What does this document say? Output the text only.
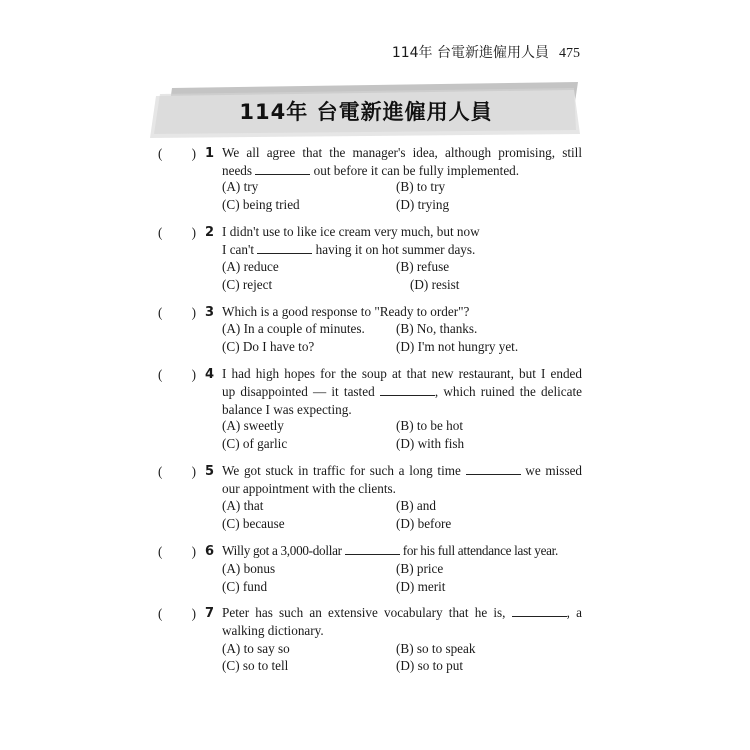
114年 台電新進僱用人員 475
114年 台電新進僱用人員
( ) 1 We all agree that the manager's idea, although promising, still
needs	out before it can be fully implemented.
(A) try	(B) to try
(C) being tried	(D) trying
( ) 2 I didn't use to like ice cream very much, but now
I can't	having it on hot summer days.
(A) reduce	(B) refuse
(C) reject	(D) resist
( ) 3 Which is a good response to "Ready to order"?
(A) In a couple of minutes. (B) No, thanks.
(C) Do I have to?	(D) I'm not hungry yet.
( ) 4 I had high hopes for the soup at that new restaurant, but I ended
up disappointed — it tasted	, which ruined the delicate
balance I was expecting.
(A) sweetly	(B) to be hot
(C) of garlic	(D) with fish
( ) 5 We got stuck in traffic for such a long time	we missed
our appointment with the clients.
(A) that	(B) and
(C) because	(D) before
( ) 6 Willy got a 3,000-dollar	for his full attendance last year.
(A) bonus	(B) price
(C) fund	(D) merit
( ) 7 Peter has such an extensive vocabulary that he is,	, a
walking dictionary.
(A) to say so	(B) so to speak
(C) so to tell	(D) so to put
